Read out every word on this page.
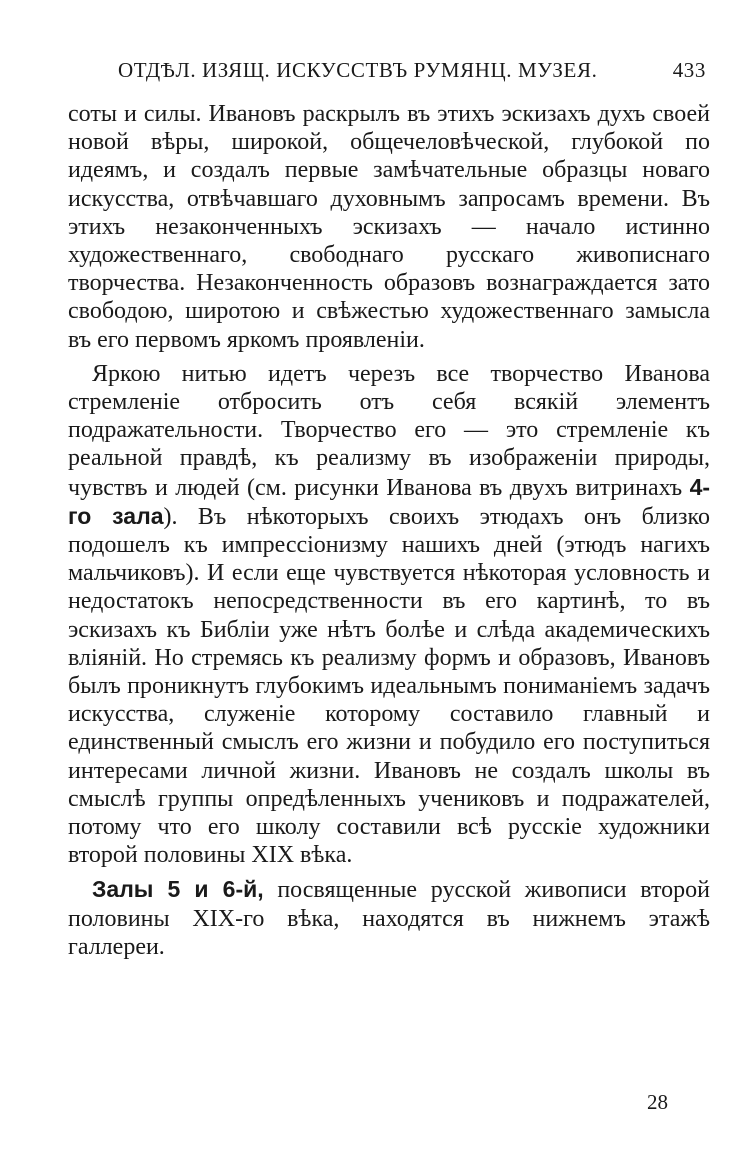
ОТДѢЛ. ИЗЯЩ. ИСКУССТВЪ РУМЯНЦ. МУЗЕЯ.	433

соты и силы. Ивановъ раскрылъ въ этихъ эскизахъ духъ своей новой вѣры, широкой, общечеловѣческой, глубокой по идеямъ, и создалъ первые замѣчательные образцы новаго искусства, отвѣчавшаго духовнымъ запросамъ времени. Въ этихъ незаконченныхъ эскизахъ — начало истинно художественнаго, свободнаго русскаго живописнаго творчества. Незаконченность образовъ вознаграждается зато свободою, широтою и свѣжестью художественнаго замысла въ его первомъ яркомъ проявленіи.

Яркою нитью идетъ черезъ все творчество Иванова стремленіе отбросить отъ себя всякій элементъ подражательности. Творчество его — это стремленіе къ реальной правдѣ, къ реализму въ изображеніи природы, чувствъ и людей (см. рисунки Иванова въ двухъ витринахъ 4-го зала). Въ нѣкоторыхъ своихъ этюдахъ онъ близко подошелъ къ импрессіонизму нашихъ дней (этюдъ нагихъ мальчиковъ). И если еще чувствуется нѣкоторая условность и недостатокъ непосредственности въ его картинѣ, то въ эскизахъ къ Библіи уже нѣтъ болѣе и слѣда академическихъ вліяній. Но стремясь къ реализму формъ и образовъ, Ивановъ былъ проникнутъ глубокимъ идеальнымъ пониманіемъ задачъ искусства, служеніе которому составило главный и единственный смыслъ его жизни и побудило его поступиться интересами личной жизни. Ивановъ не создалъ школы въ смыслѣ группы опредѣленныхъ учениковъ и подражателей, потому что его школу составили всѣ русскіе художники второй половины XIX вѣка.

Залы 5 и 6-й, посвященные русской живописи второй половины XIX-го вѣка, находятся въ нижнемъ этажѣ галлереи.

28
